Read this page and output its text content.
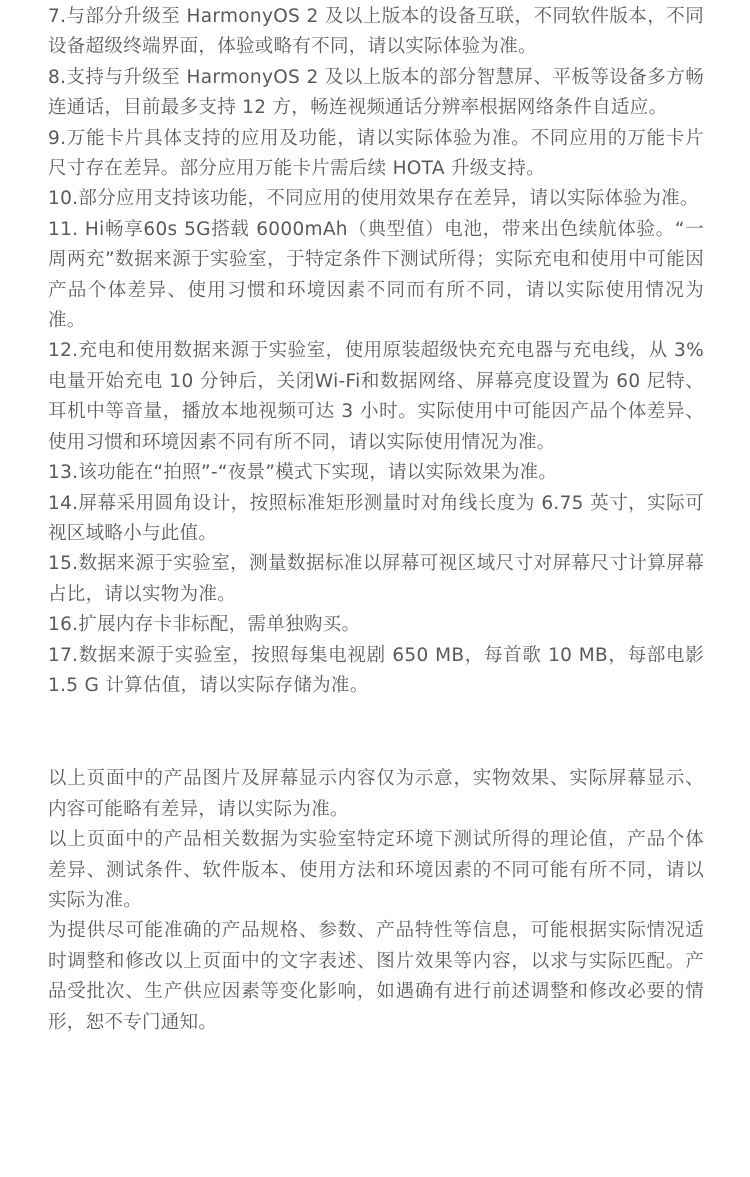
7.与部分升级至 HarmonyOS 2 及以上版本的设备互联，不同软件版本，不同设备超级终端界面，体验或略有不同，请以实际体验为准。

8.支持与升级至 HarmonyOS 2 及以上版本的部分智慧屏、平板等设备多方畅连通话，目前最多支持 12 方，畅连视频通话分辨率根据网络条件自适应。

9.万能卡片具体支持的应用及功能，请以实际体验为准。不同应用的万能卡片尺寸存在差异。部分应用万能卡片需后续 HOTA 升级支持。

10.部分应用支持该功能，不同应用的使用效果存在差异，请以实际体验为准。

11. Hi畅享60s 5G搭载 6000mAh（典型值）电池，带来出色续航体验。“一周两充”数据来源于实验室，于特定条件下测试所得；实际充电和使用中可能因产品个体差异、使用习惯和环境因素不同而有所不同，请以实际使用情况为准。

12.充电和使用数据来源于实验室，使用原装超级快充充电器与充电线，从 3% 电量开始充电 10 分钟后，关闭Wi-Fi和数据网络、屏幕亮度设置为 60 尼特、耳机中等音量，播放本地视频可达 3 小时。实际使用中可能因产品个体差异、使用习惯和环境因素不同有所不同，请以实际使用情况为准。

13.该功能在“拍照”-“夜景”模式下实现，请以实际效果为准。

14.屏幕采用圆角设计，按照标准矩形测量时对角线长度为 6.75 英寸，实际可视区域略小与此值。

15.数据来源于实验室，测量数据标准以屏幕可视区域尺寸对屏幕尺寸计算屏幕占比，请以实物为准。

16.扩展内存卡非标配，需单独购买。

17.数据来源于实验室，按照每集电视剧 650 MB，每首歌 10 MB，每部电影 1.5 G 计算估值，请以实际存储为准。

以上页面中的产品图片及屏幕显示内容仅为示意，实物效果、实际屏幕显示、内容可能略有差异，请以实际为准。

以上页面中的产品相关数据为实验室特定环境下测试所得的理论值，产品个体差异、测试条件、软件版本、使用方法和环境因素的不同可能有所不同，请以实际为准。

为提供尽可能准确的产品规格、参数、产品特性等信息，可能根据实际情况适时调整和修改以上页面中的文字表述、图片效果等内容，以求与实际匹配。产品受批次、生产供应因素等变化影响，如遇确有进行前述调整和修改必要的情形，恕不专门通知。
